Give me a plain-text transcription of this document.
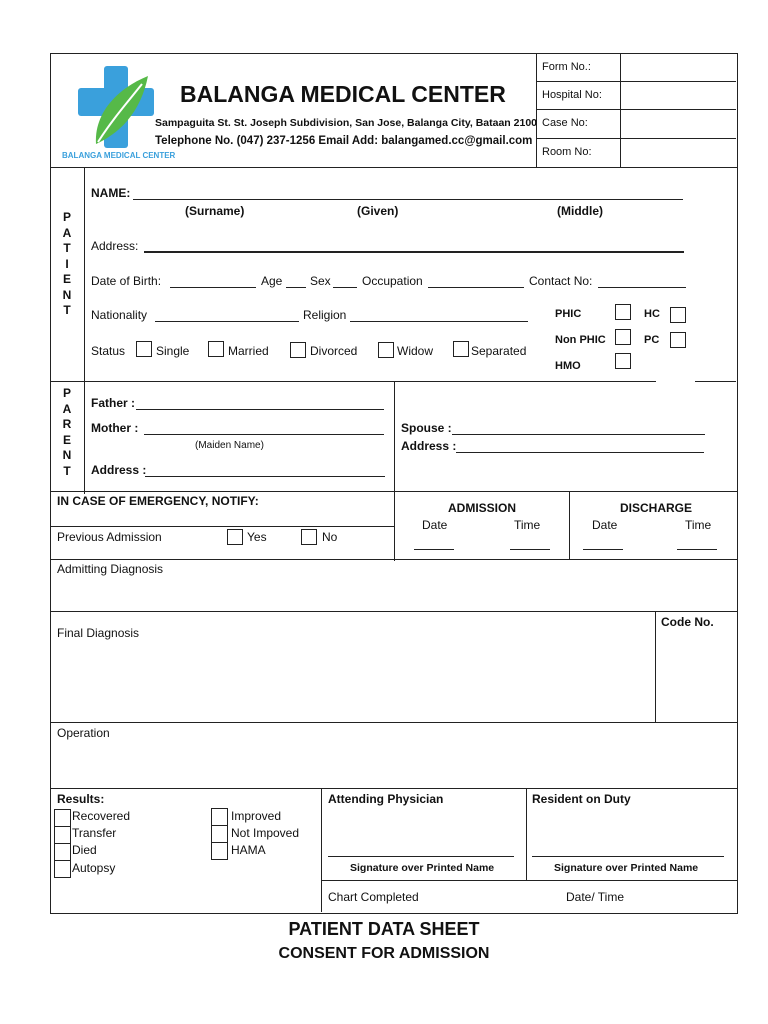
Form No.:
Hospital No:
Case No:
Room No:
BALANGA MEDICAL CENTER
BALANGA MEDICAL CENTER
Sampaguita St. St. Joseph Subdivision, San Jose, Balanga City, Bataan 2100
Telephone No. (047) 237-1256 Email Add: balangamed.cc@gmail.com
P
A
T
I
E
N
T
NAME:
(Surname)	(Given)	(Middle)
Address:
Date of Birth:	Age Sex	Occupation	Contact No:
Nationality	Religion	PHIC	HC
Non PHIC	PC
HMO
Status	Single	Married	Divorced	Widow	Separated
P
A
R
E
N
T
Father :
Mother :
(Maiden Name)
Address :
Spouse :
Address :
IN CASE OF EMERGENCY, NOTIFY:
Previous Admission	Yes	No
ADMISSION
Date	Time
DISCHARGE
Date	Time
Admitting Diagnosis
Final Diagnosis
Code No.
Operation
Results:
Recovered
Transfer
Died
Autopsy
Improved
Not Impoved
HAMA
Attending Physician
Signature over Printed Name
Resident on Duty
Signature over Printed Name
Chart Completed	Date/ Time
PATIENT DATA SHEET
CONSENT FOR ADMISSION
